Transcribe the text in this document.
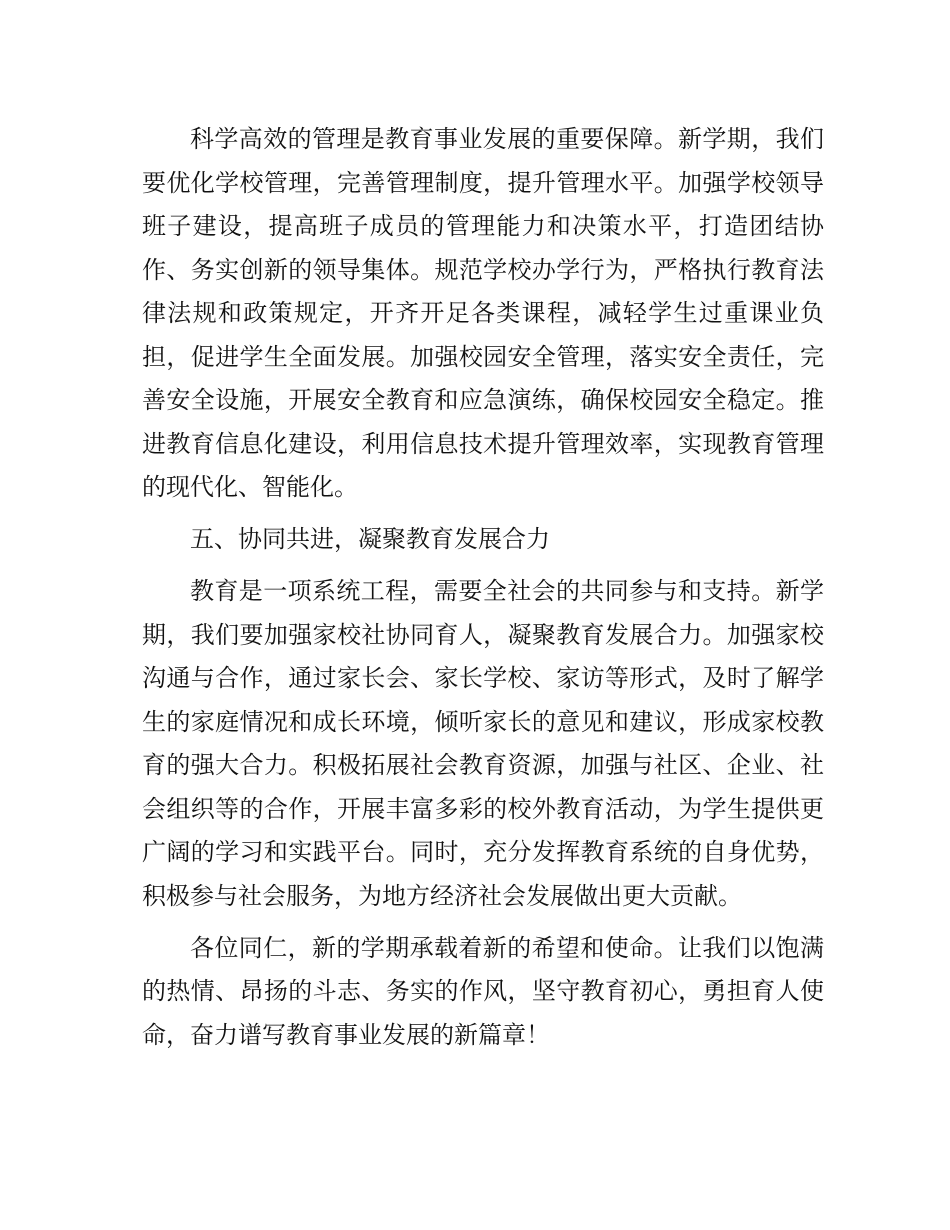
科学高效的管理是教育事业发展的重要保障。新学期，我们要优化学校管理，完善管理制度，提升管理水平。加强学校领导班子建设，提高班子成员的管理能力和决策水平，打造团结协作、务实创新的领导集体。规范学校办学行为，严格执行教育法律法规和政策规定，开齐开足各类课程，减轻学生过重课业负担，促进学生全面发展。加强校园安全管理，落实安全责任，完善安全设施，开展安全教育和应急演练，确保校园安全稳定。推进教育信息化建设，利用信息技术提升管理效率，实现教育管理的现代化、智能化。

五、协同共进，凝聚教育发展合力

教育是一项系统工程，需要全社会的共同参与和支持。新学期，我们要加强家校社协同育人，凝聚教育发展合力。加强家校沟通与合作，通过家长会、家长学校、家访等形式，及时了解学生的家庭情况和成长环境，倾听家长的意见和建议，形成家校教育的强大合力。积极拓展社会教育资源，加强与社区、企业、社会组织等的合作，开展丰富多彩的校外教育活动，为学生提供更广阔的学习和实践平台。同时，充分发挥教育系统的自身优势，积极参与社会服务，为地方经济社会发展做出更大贡献。

各位同仁，新的学期承载着新的希望和使命。让我们以饱满的热情、昂扬的斗志、务实的作风，坚守教育初心，勇担育人使命，奋力谱写教育事业发展的新篇章！
